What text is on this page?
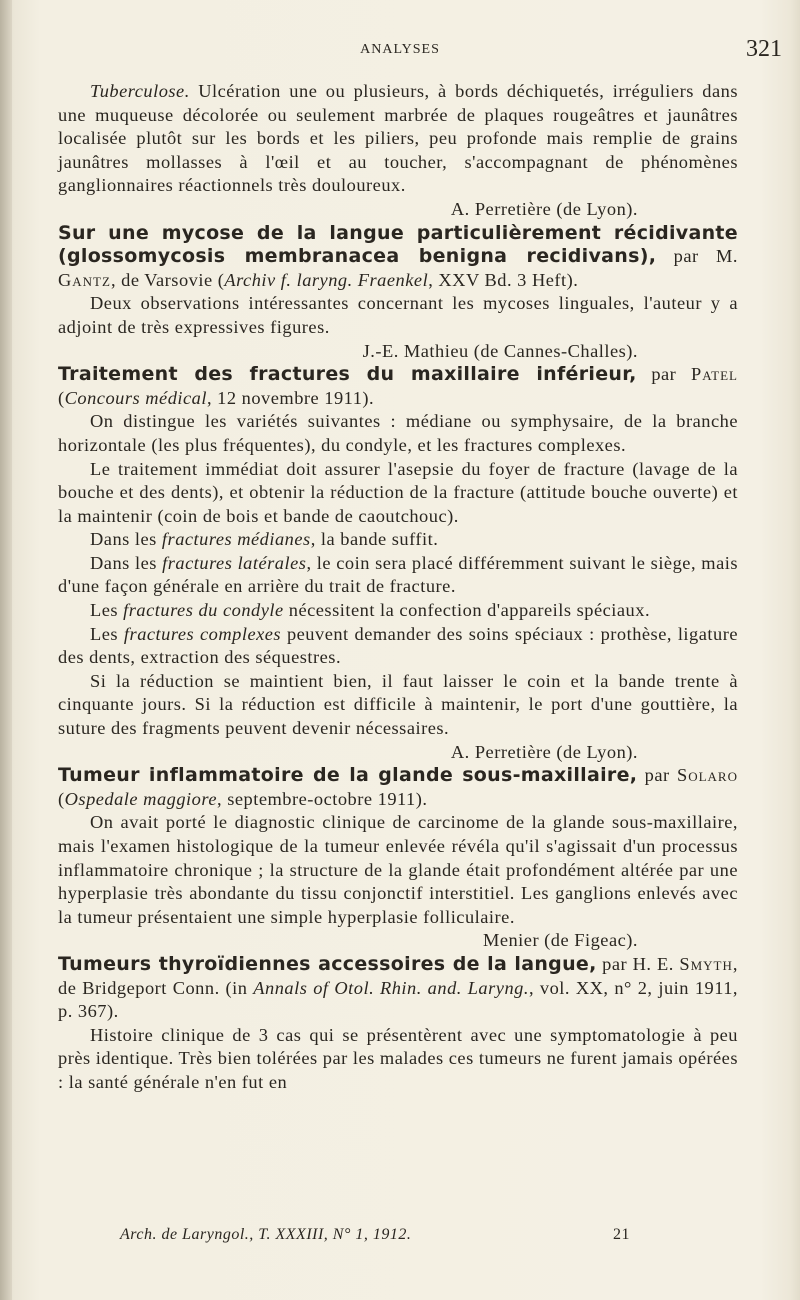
ANALYSES	321

Tuberculose. Ulcération une ou plusieurs, à bords déchiquetés, irréguliers dans une muqueuse décolorée ou seulement marbrée de plaques rougeâtres et jaunâtres localisée plutôt sur les bords et les piliers, peu profonde mais remplie de grains jaunâtres mollasses à l'œil et au toucher, s'accompagnant de phénomènes ganglionnaires réactionnels très douloureux.

A. Perretière (de Lyon).

Sur une mycose de la langue particulièrement récidivante (glossomycosis membranacea benigna recidivans), par M. Gantz, de Varsovie (Archiv f. laryng. Fraenkel, XXV Bd. 3 Heft).

Deux observations intéressantes concernant les mycoses linguales, l'auteur y a adjoint de très expressives figures.

J.-E. Mathieu (de Cannes-Challes).

Traitement des fractures du maxillaire inférieur, par Patel (Concours médical, 12 novembre 1911).

On distingue les variétés suivantes : médiane ou symphysaire, de la branche horizontale (les plus fréquentes), du condyle, et les fractures complexes.

Le traitement immédiat doit assurer l'asepsie du foyer de fracture (lavage de la bouche et des dents), et obtenir la réduction de la fracture (attitude bouche ouverte) et la maintenir (coin de bois et bande de caoutchouc).

Dans les fractures médianes, la bande suffit.

Dans les fractures latérales, le coin sera placé différemment suivant le siège, mais d'une façon générale en arrière du trait de fracture.

Les fractures du condyle nécessitent la confection d'appareils spéciaux.

Les fractures complexes peuvent demander des soins spéciaux : prothèse, ligature des dents, extraction des séquestres.

Si la réduction se maintient bien, il faut laisser le coin et la bande trente à cinquante jours. Si la réduction est difficile à maintenir, le port d'une gouttière, la suture des fragments peuvent devenir nécessaires.

A. Perretière (de Lyon).

Tumeur inflammatoire de la glande sous-maxillaire, par Solaro (Ospedale maggiore, septembre-octobre 1911).

On avait porté le diagnostic clinique de carcinome de la glande sous-maxillaire, mais l'examen histologique de la tumeur enlevée révéla qu'il s'agissait d'un processus inflammatoire chronique ; la structure de la glande était profondément altérée par une hyperplasie très abondante du tissu conjonctif interstitiel. Les ganglions enlevés avec la tumeur présentaient une simple hyperplasie folliculaire.

Menier (de Figeac).

Tumeurs thyroïdiennes accessoires de la langue, par H. E. Smyth, de Bridgeport Conn. (in Annals of Otol. Rhin. and. Laryng., vol. XX, n° 2, juin 1911, p. 367).

Histoire clinique de 3 cas qui se présentèrent avec une symptomatologie à peu près identique. Très bien tolérées par les malades ces tumeurs ne furent jamais opérées : la santé générale n'en fut en

Arch. de Laryngol., T. XXXIII, N° 1, 1912.	21
